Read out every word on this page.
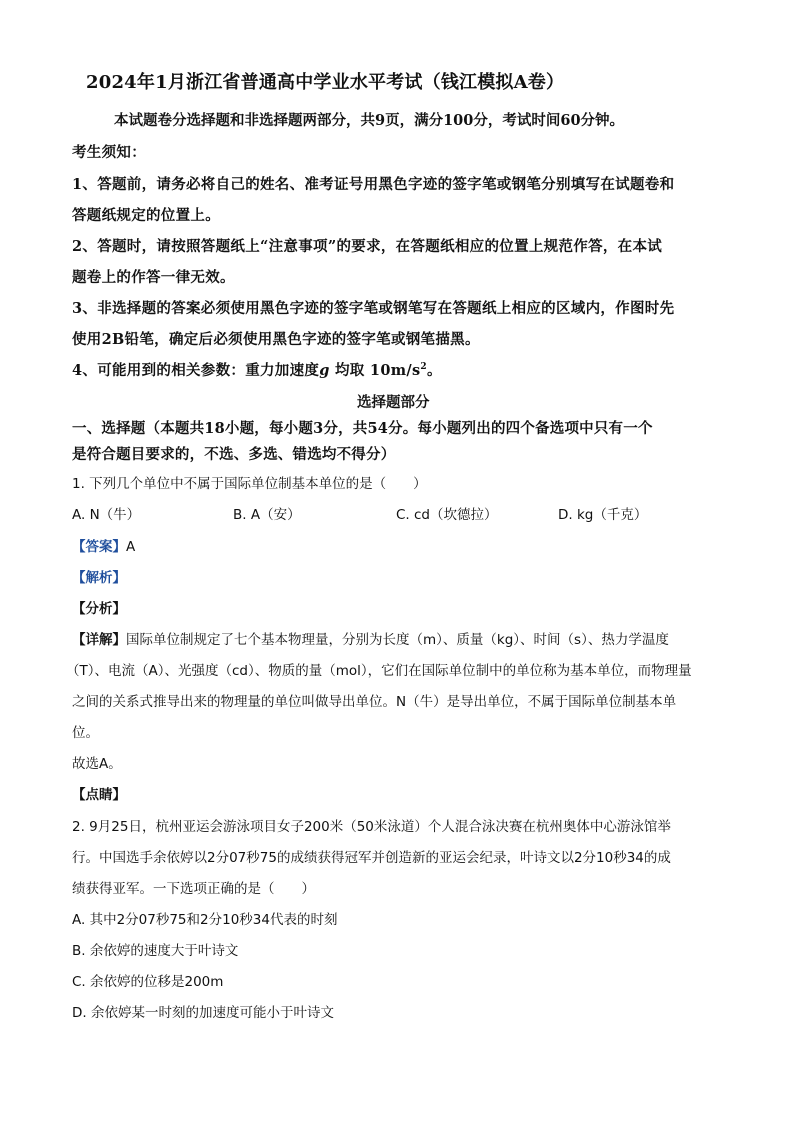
2024年1月浙江省普通高中学业水平考试（钱江模拟A卷）
本试题卷分选择题和非选择题两部分，共9页，满分100分，考试时间60分钟。
考生须知：
1、答题前，请务必将自己的姓名、准考证号用黑色字迹的签字笔或钢笔分别填写在试题卷和
答题纸规定的位置上。
2、答题时，请按照答题纸上“注意事项”的要求，在答题纸相应的位置上规范作答，在本试
题卷上的作答一律无效。
3、非选择题的答案必须使用黑色字迹的签字笔或钢笔写在答题纸上相应的区域内，作图时先
使用2B铅笔，确定后必须使用黑色字迹的签字笔或钢笔描黑。
4、可能用到的相关参数：重力加速度g 均取 $10m/s^2$。
选择题部分
一、选择题（本题共18小题，每小题3分，共54分。每小题列出的四个备选项中只有一个
是符合题目要求的，不选、多选、错选均不得分）
1. 下列几个单位中不属于国际单位制基本单位的是（　　）
A. N（牛）	B. A（安）	C. cd（坎德拉）	D. kg（千克）
【答案】A
【解析】
【分析】
【详解】国际单位制规定了七个基本物理量，分别为长度（m）、质量（kg）、时间（s）、热力学温度
（T）、电流（A）、光强度（cd）、物质的量（mol），它们在国际单位制中的单位称为基本单位，而物理量
之间的关系式推导出来的物理量的单位叫做导出单位。N（牛）是导出单位，不属于国际单位制基本单
位。
故选A。
【点睛】
2. 9月25日，杭州亚运会游泳项目女子200米（50米泳道）个人混合泳决赛在杭州奥体中心游泳馆举
行。中国选手余依婷以2分07秒75的成绩获得冠军并创造新的亚运会纪录，叶诗文以2分10秒34的成
绩获得亚军。一下选项正确的是（　　）
A. 其中2分07秒75和2分10秒34代表的时刻
B. 余依婷的速度大于叶诗文
C. 余依婷的位移是200m
D. 余依婷某一时刻的加速度可能小于叶诗文
